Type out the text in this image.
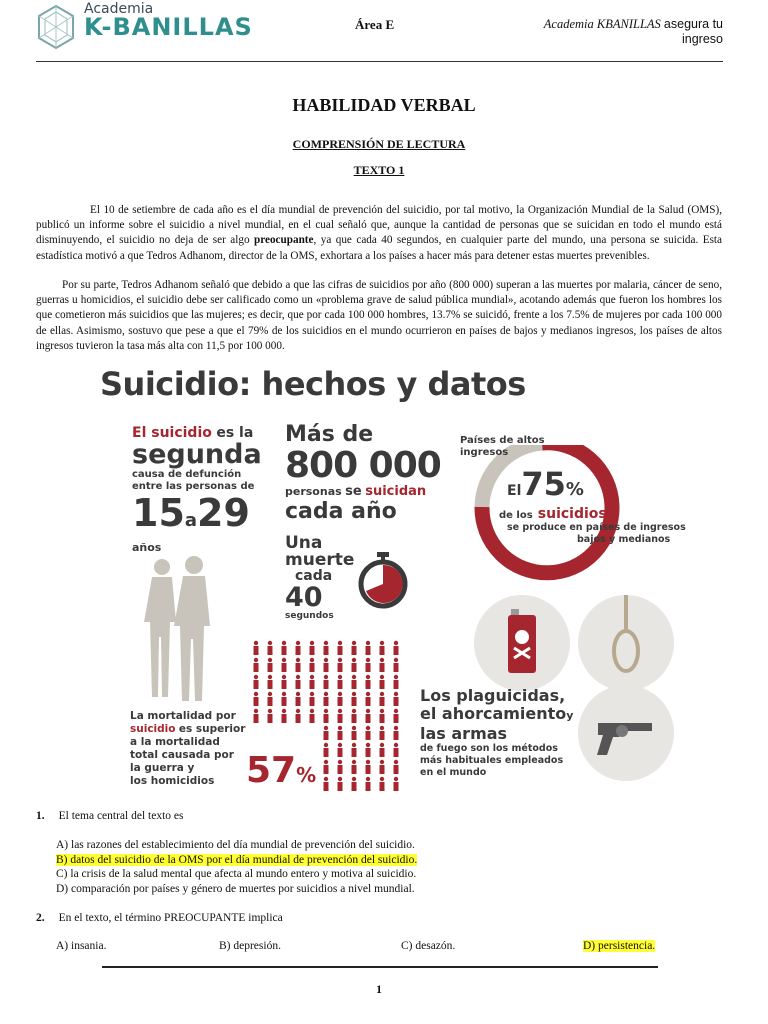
Academia
K-BANILLAS	Área E	Academia KBANILLAS asegura tu
ingreso
HABILIDAD VERBAL
COMPRENSIÓN DE LECTURA
TEXTO 1
El 10 de setiembre de cada año es el día mundial de prevención del suicidio, por tal motivo, la Organización Mundial de la Salud (OMS), publicó un informe sobre el suicidio a nivel mundial, en el cual señaló que, aunque la cantidad de personas que se suicidan en todo el mundo está disminuyendo, el suicidio no deja de ser algo preocupante, ya que cada 40 segundos, en cualquier parte del mundo, una persona se suicida. Esta estadística motivó a que Tedros Adhanom, director de la OMS, exhortara a los países a hacer más para detener estas muertes prevenibles.
Por su parte, Tedros Adhanom señaló que debido a que las cifras de suicidios por año (800 000) superan a las muertes por malaria, cáncer de seno, guerras u homicidios, el suicidio debe ser calificado como un «problema grave de salud pública mundial», acotando además que fueron los hombres los que cometieron más suicidios que las mujeres; es decir, que por cada 100 000 hombres, 13.7% se suicidó, frente a los 7.5% de mujeres por cada 100 000 de ellas. Asimismo, sostuvo que pese a que el 79% de los suicidios en el mundo ocurrieron en países de bajos y medianos ingresos, los países de altos ingresos tuvieron la tasa más alta con 11,5 por 100 000.
Suicidio: hechos y datos
El suicidio es la
segunda
causa de defunción
entre las personas de
15a29
años
Más de
800 000
personas se suicidan
cada año
Una
muerte
cada
40
segundos
Países de altos
ingresos
El75%
de los suicidios
se produce en países de ingresos
bajos y medianos
La mortalidad por
suicidio es superior
a la mortalidad
total causada por
la guerra y
los homicidios 57%
Los plaguicidas,
el ahorcamientoy
las armas
de fuego son los métodos
más habituales empleados
en el mundo
1. El tema central del texto es
A) las razones del establecimiento del día mundial de prevención del suicidio.
B) datos del suicidio de la OMS por el día mundial de prevención del suicidio.
C) la crisis de la salud mental que afecta al mundo entero y motiva al suicidio.
D) comparación por países y género de muertes por suicidios a nivel mundial.
2. En el texto, el término PREOCUPANTE implica
A) insania.	B) depresión.	C) desazón.	D) persistencia.
1
